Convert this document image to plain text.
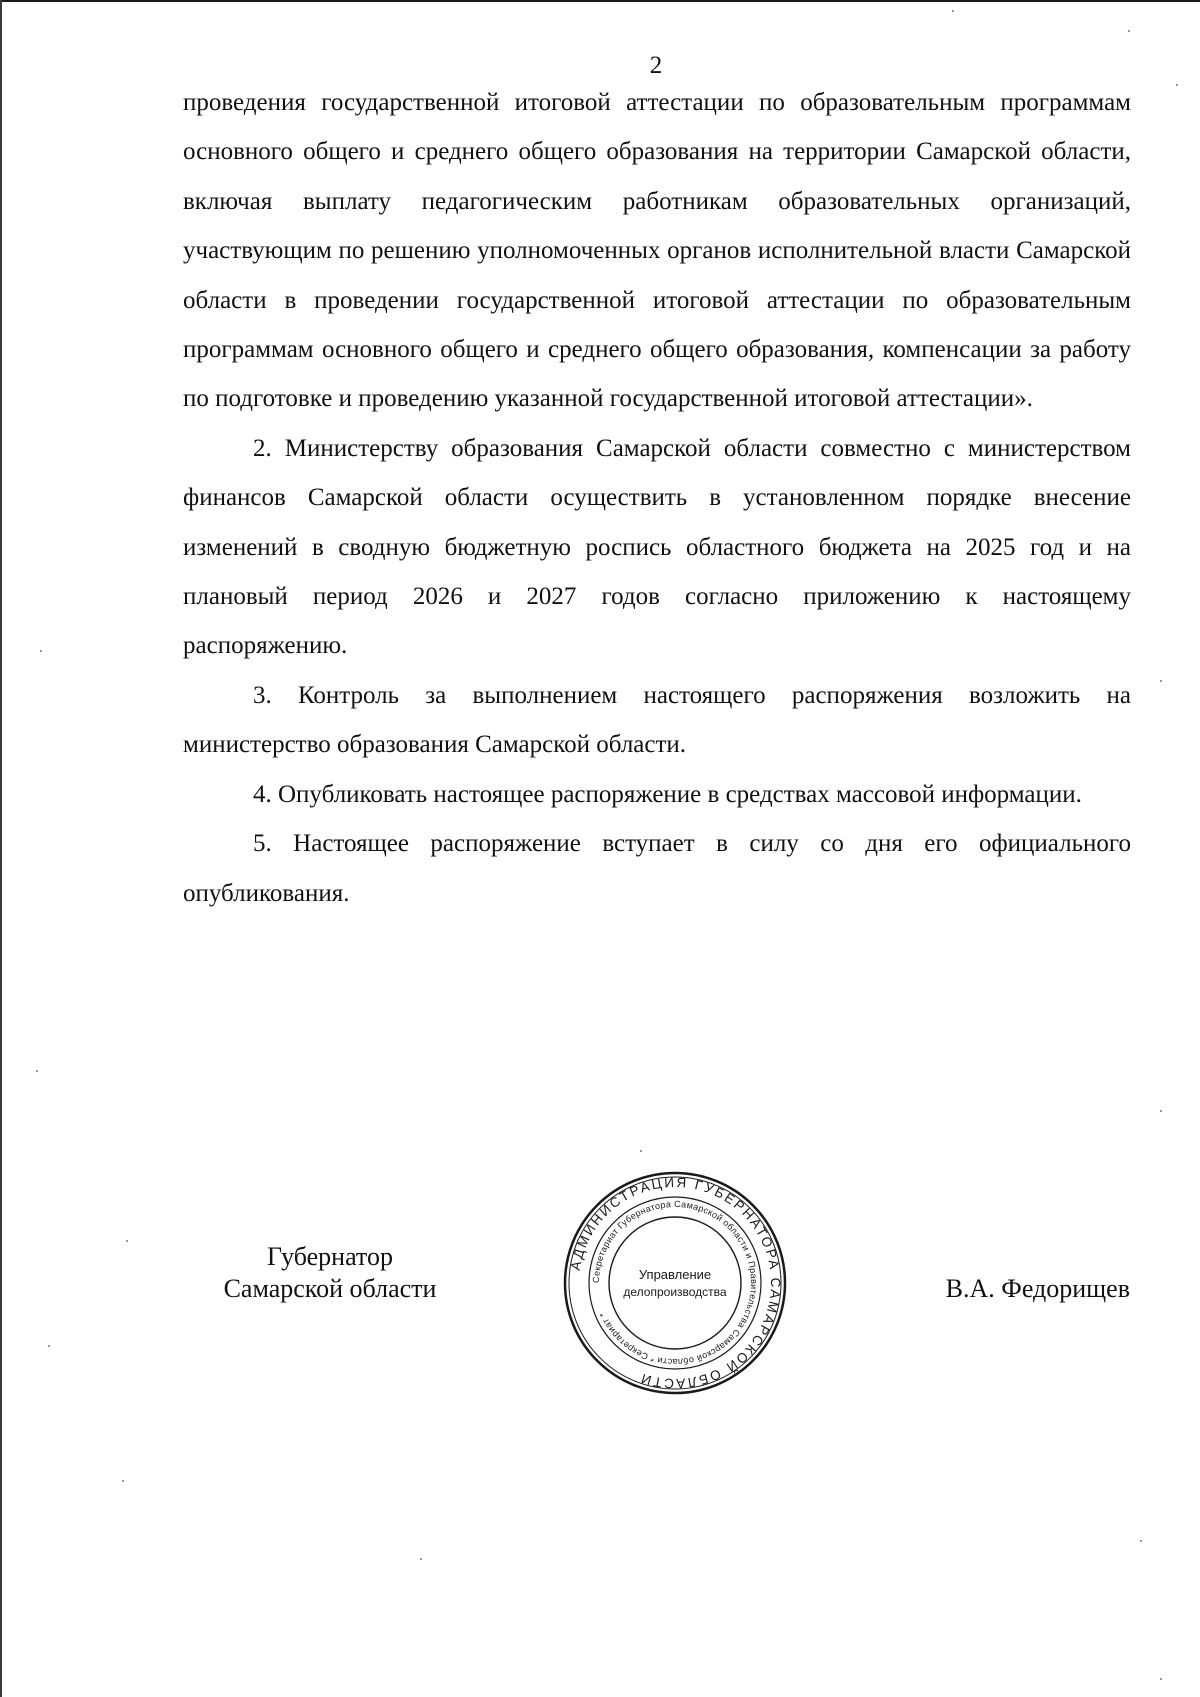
2

проведения государственной итоговой аттестации по образовательным программам основного общего и среднего общего образования на территории Самарской области, включая выплату педагогическим работникам образовательных организаций, участвующим по решению уполномоченных органов исполнительной власти Самарской области в проведении государственной итоговой аттестации по образовательным программам основного общего и среднего общего образования, компенсации за работу по подготовке и проведению указанной государственной итоговой аттестации».

2. Министерству образования Самарской области совместно с министерством финансов Самарской области осуществить в установленном порядке внесение изменений в сводную бюджетную роспись областного бюджета на 2025 год и на плановый период 2026 и 2027 годов согласно приложению к настоящему распоряжению.

3. Контроль за выполнением настоящего распоряжения возложить на министерство образования Самарской области.

4. Опубликовать настоящее распоряжение в средствах массовой информации.

5. Настоящее распоряжение вступает в силу со дня его официального опубликования.

Губернатор
Самарской области	В.А. Федорищев
АДМИНИСТРАЦИЯ ГУБЕРНАТОРА САМАРСКОЙ ОБЛАСТИ
Секретариат Губернатора Самарской области и Правительства Самарской области * Секретариат *
Управление
делопроизводства
